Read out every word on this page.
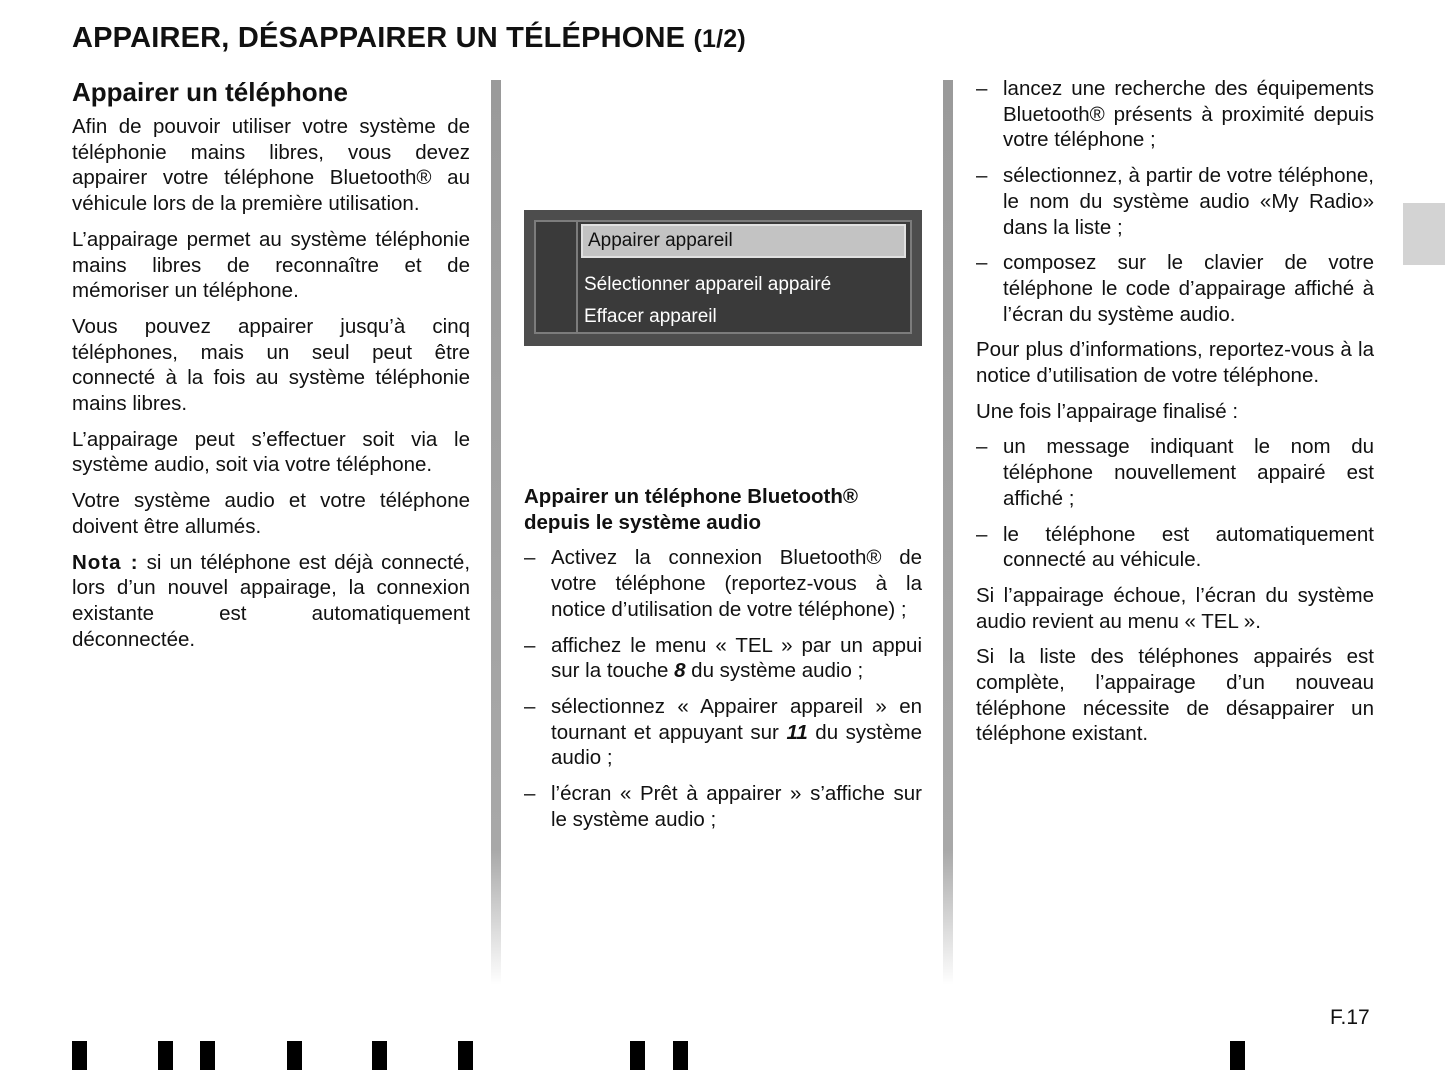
APPAIRER, DÉSAPPAIRER UN TÉLÉPHONE (1/2)
Appairer un téléphone

Afin de pouvoir utiliser votre système de téléphonie mains libres, vous devez appairer votre téléphone Bluetooth® au véhicule lors de la première utilisation.

L’appairage permet au système téléphonie mains libres de reconnaître et de mémoriser un téléphone.

Vous pouvez appairer jusqu’à cinq téléphones, mais un seul peut être connecté à la fois au système téléphonie mains libres.

L’appairage peut s’effectuer soit via le système audio, soit via votre téléphone.

Votre système audio et votre téléphone doivent être allumés.

Nota : si un téléphone est déjà connecté, lors d’un nouvel appairage, la connexion existante est automatiquement déconnectée.

Appairer appareil
Sélectionner appareil appairé
Effacer appareil
Appairer un téléphone Bluetooth®
depuis le système audio
– Activez la connexion Bluetooth® de votre téléphone (reportez-vous à la notice d’utilisation de votre téléphone) ;
– affichez le menu « TEL » par un appui sur la touche 8 du système audio ;
– sélectionnez « Appairer appareil » en tournant et appuyant sur 11 du système audio ;
– l’écran « Prêt à appairer » s’affiche sur le système audio ;
– lancez une recherche des équipements Bluetooth® présents à proximité depuis votre téléphone ;
– sélectionnez, à partir de votre téléphone, le nom du système audio «My Radio» dans la liste ;
– composez sur le clavier de votre téléphone le code d’appairage affiché à l’écran du système audio.

Pour plus d’informations, reportez-vous à la notice d’utilisation de votre téléphone.

Une fois l’appairage finalisé :

– un message indiquant le nom du téléphone nouvellement appairé est affiché ;
– le téléphone est automatiquement connecté au véhicule.

Si l’appairage échoue, l’écran du système audio revient au menu « TEL ».

Si la liste des téléphones appairés est complète, l’appairage d’un nouveau téléphone nécessite de désappairer un téléphone existant.

F.17
